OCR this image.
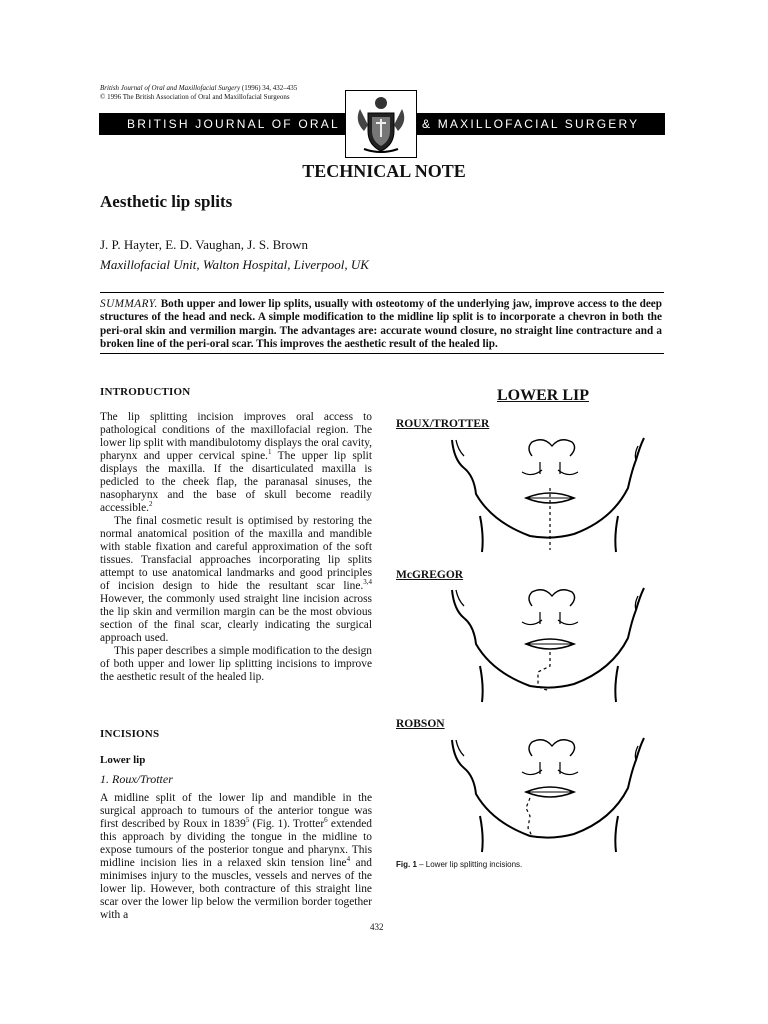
British Journal of Oral and Maxillofacial Surgery (1996) 34, 432–435
© 1996 The British Association of Oral and Maxillofacial Surgeons
BRITISH JOURNAL OF ORAL	& MAXILLOFACIAL SURGERY
TECHNICAL NOTE
Aesthetic lip splits
J. P. Hayter, E. D. Vaughan, J. S. Brown
Maxillofacial Unit, Walton Hospital, Liverpool, UK
SUMMARY. Both upper and lower lip splits, usually with osteotomy of the underlying jaw, improve access to the deep structures of the head and neck. A simple modification to the midline lip split is to incorporate a chevron in both the peri-oral skin and vermilion margin. The advantages are: accurate wound closure, no straight line contracture and a broken line of the peri-oral scar. This improves the aesthetic result of the healed lip.
INTRODUCTION

The lip splitting incision improves oral access to pathological conditions of the maxillofacial region. The lower lip split with mandibulotomy displays the oral cavity, pharynx and upper cervical spine.$^1$ The upper lip split displays the maxilla. If the disarticulated maxilla is pedicled to the cheek flap, the paranasal sinuses, the nasopharynx and the base of skull become readily accessible.$^2$

The final cosmetic result is optimised by restoring the normal anatomical position of the maxilla and mandible with stable fixation and careful approximation of the soft tissues. Transfacial approaches incorporating lip splits attempt to use anatomical landmarks and good principles of incision design to hide the resultant scar line.$^{3,4}$ However, the commonly used straight line incision across the lip skin and vermilion margin can be the most obvious section of the final scar, clearly indicating the surgical approach used.

This paper describes a simple modification to the design of both upper and lower lip splitting incisions to improve the aesthetic result of the healed lip.

INCISIONS
Lower lip
1. Roux/Trotter

A midline split of the lower lip and mandible in the surgical approach to tumours of the anterior tongue was first described by Roux in 1839$^5$ (Fig. 1). Trotter$^6$ extended this approach by dividing the tongue in the midline to expose tumours of the posterior tongue and pharynx. This midline incision lies in a relaxed skin tension line$^4$ and minimises injury to the muscles, vessels and nerves of the lower lip. However, both contracture of this straight line scar over the lower lip below the vermilion border together with a

LOWER LIP
ROUX/TROTTER
McGREGOR
ROBSON
Fig. 1 – Lower lip splitting incisions.
432
